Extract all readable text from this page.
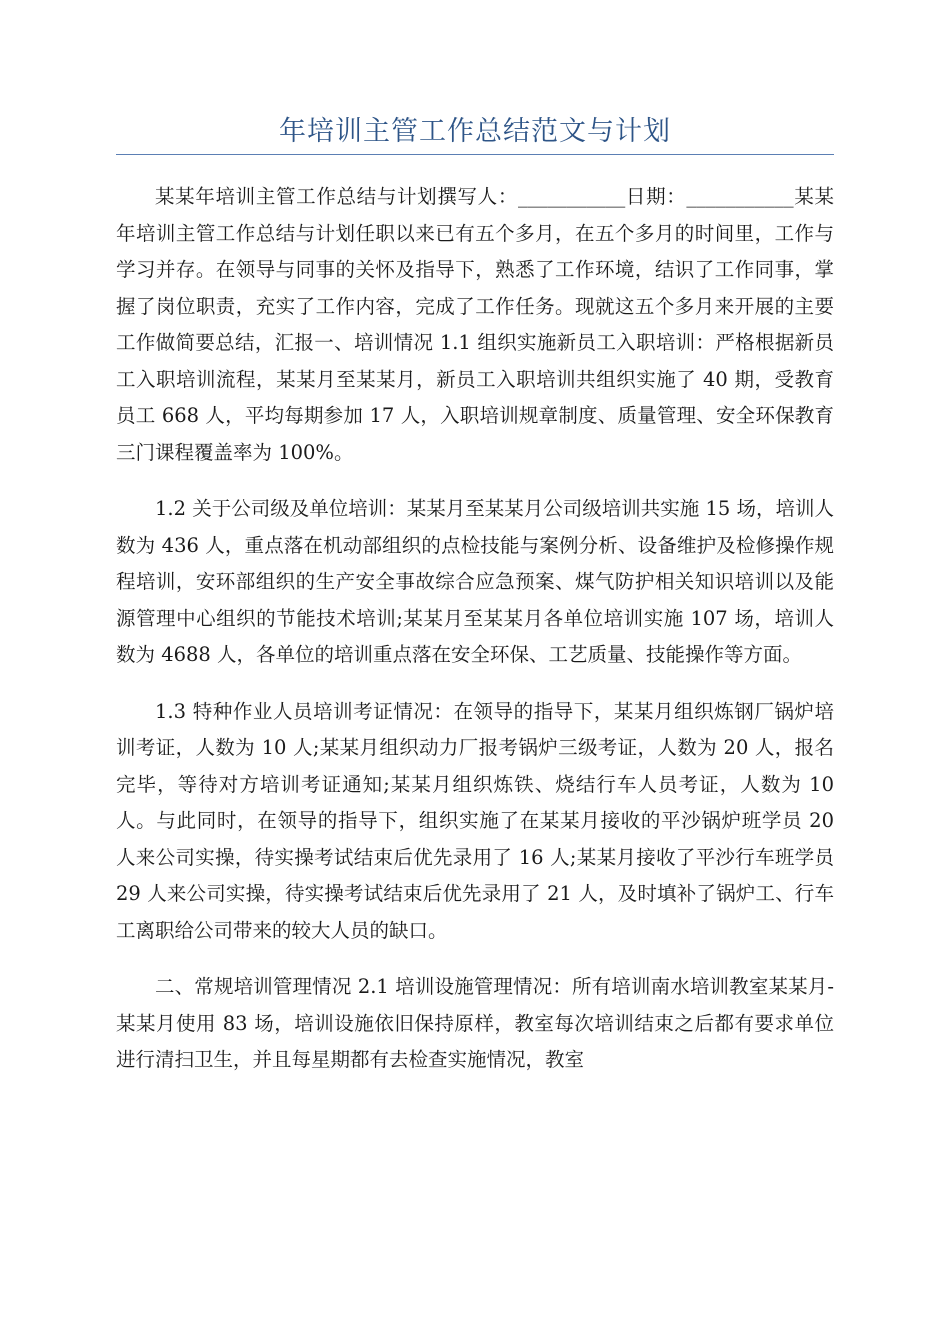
年培训主管工作总结范文与计划

某某年培训主管工作总结与计划撰写人：___________日期：___________某某年培训主管工作总结与计划任职以来已有五个多月，在五个多月的时间里，工作与学习并存。在领导与同事的关怀及指导下，熟悉了工作环境，结识了工作同事，掌握了岗位职责，充实了工作内容，完成了工作任务。现就这五个多月来开展的主要工作做简要总结，汇报一、培训情况 1.1 组织实施新员工入职培训：严格根据新员工入职培训流程，某某月至某某月，新员工入职培训共组织实施了 40 期，受教育员工 668 人，平均每期参加 17 人，入职培训规章制度、质量管理、安全环保教育三门课程覆盖率为 100%。

1.2 关于公司级及单位培训：某某月至某某月公司级培训共实施 15 场，培训人数为 436 人，重点落在机动部组织的点检技能与案例分析、设备维护及检修操作规程培训，安环部组织的生产安全事故综合应急预案、煤气防护相关知识培训以及能源管理中心组织的节能技术培训;某某月至某某月各单位培训实施 107 场，培训人数为 4688 人，各单位的培训重点落在安全环保、工艺质量、技能操作等方面。

1.3 特种作业人员培训考证情况：在领导的指导下，某某月组织炼钢厂锅炉培训考证，人数为 10 人;某某月组织动力厂报考锅炉三级考证，人数为 20 人，报名完毕，等待对方培训考证通知;某某月组织炼铁、烧结行车人员考证，人数为 10 人。与此同时，在领导的指导下，组织实施了在某某月接收的平沙锅炉班学员 20 人来公司实操，待实操考试结束后优先录用了 16 人;某某月接收了平沙行车班学员 29 人来公司实操，待实操考试结束后优先录用了 21 人，及时填补了锅炉工、行车工离职给公司带来的较大人员的缺口。

二、常规培训管理情况 2.1 培训设施管理情况：所有培训南水培训教室某某月-某某月使用 83 场，培训设施依旧保持原样，教室每次培训结束之后都有要求单位进行清扫卫生，并且每星期都有去检查实施情况，教室
